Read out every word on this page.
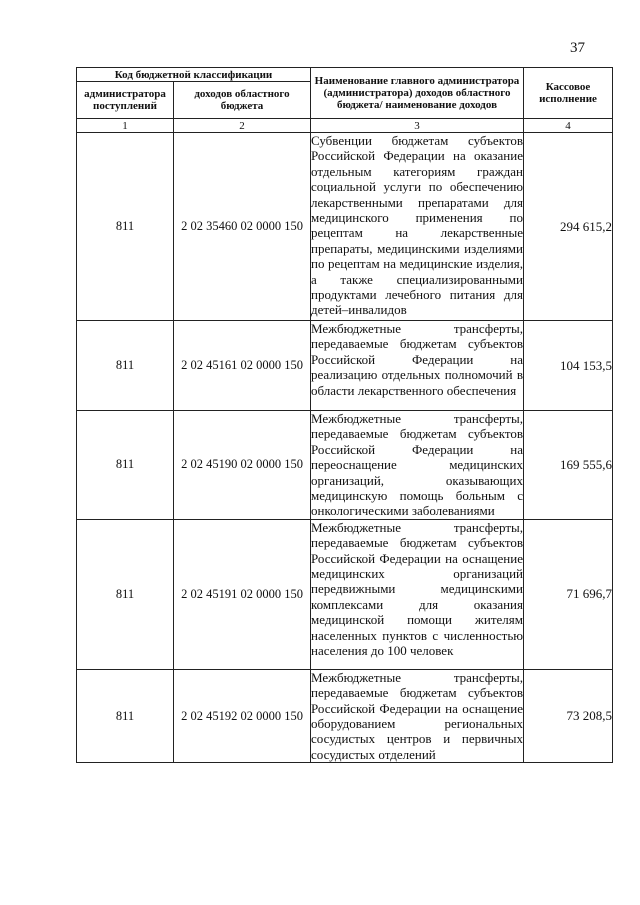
37
Код бюджетной классификации		Наименование главного администратора (администратора) доходов областного бюджета/ наименование доходов	Кассовое исполнение
администратора поступлений	доходов областного бюджета		
1	2	3	4
811	2 02 35460 02 0000 150	Субвенции бюджетам субъектов Российской Федерации на оказание отдельным категориям граждан социальной услуги по обеспечению лекарственными препаратами для медицинского применения по рецептам на лекарственные препараты, медицинскими изделиями по рецептам на медицинские изделия, а также специализированными продуктами лечебного питания для детей–инвалидов	294 615,2
811	2 02 45161 02 0000 150	Межбюджетные трансферты, передаваемые бюджетам субъектов Российской Федерации на реализацию отдельных полномочий в области лекарственного обеспечения	104 153,5
811	2 02 45190 02 0000 150	Межбюджетные трансферты, передаваемые бюджетам субъектов Российской Федерации на переоснащение медицинских организаций, оказывающих медицинскую помощь больным с онкологическими заболеваниями	169 555,6
811	2 02 45191 02 0000 150	Межбюджетные трансферты, передаваемые бюджетам субъектов Российской Федерации на оснащение медицинских организаций передвижными медицинскими комплексами для оказания медицинской помощи жителям населенных пунктов с численностью населения до 100 человек	71 696,7
811	2 02 45192 02 0000 150	Межбюджетные трансферты, передаваемые бюджетам субъектов Российской Федерации на оснащение оборудованием региональных сосудистых центров и первичных сосудистых отделений	73 208,5
